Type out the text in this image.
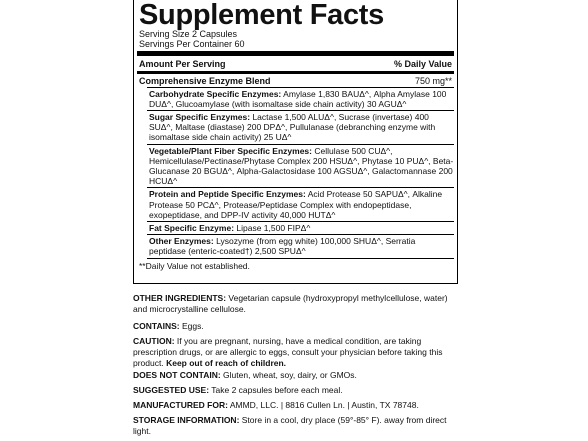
Supplement Facts
Serving Size 2 Capsules
Servings Per Container 60
Amount Per Serving	% Daily Value
Comprehensive Enzyme Blend	750 mg**
Carbohydrate Specific Enzymes: Amylase 1,830 BAUΔ^, Alpha Amylase 100 DUΔ^, Glucoamylase (with isomaltase side chain activity) 30 AGUΔ^
Sugar Specific Enzymes: Lactase 1,500 ALUΔ^, Sucrase (invertase) 400 SUΔ^, Maltase (diastase) 200 DPΔ^, Pullulanase (debranching enzyme with isomaltase side chain activity) 25 UΔ^
Vegetable/Plant Fiber Specific Enzymes: Cellulase 500 CUΔ^, Hemicellulase/Pectinase/Phytase Complex 200 HSUΔ^, Phytase 10 PUΔ^, Beta-Glucanase 20 BGUΔ^, Alpha-Galactosidase 100 AGSUΔ^, Galactomannase 200 HCUΔ^
Protein and Peptide Specific Enzymes: Acid Protease 50 SAPUΔ^, Alkaline Protease 50 PCΔ^, Protease/Peptidase Complex with endopeptidase, exopeptidase, and DPP-IV activity 40,000 HUTΔ^
Fat Specific Enzyme: Lipase 1,500 FIPΔ^
Other Enzymes: Lysozyme (from egg white) 100,000 SHUΔ^, Serratia peptidase (enteric-coated†) 2,500 SPUΔ^
**Daily Value not established.
OTHER INGREDIENTS: Vegetarian capsule (hydroxypropyl methylcellulose, water) and microcrystalline cellulose.
CONTAINS: Eggs.
CAUTION: If you are pregnant, nursing, have a medical condition, are taking prescription drugs, or are allergic to eggs, consult your physician before taking this product. Keep out of reach of children.
DOES NOT CONTAIN: Gluten, wheat, soy, dairy, or GMOs.
SUGGESTED USE: Take 2 capsules before each meal.
MANUFACTURED FOR: AMMD, LLC. | 8816 Cullen Ln. | Austin, TX 78748.
STORAGE INFORMATION: Store in a cool, dry place (59°-85° F). away from direct light.
